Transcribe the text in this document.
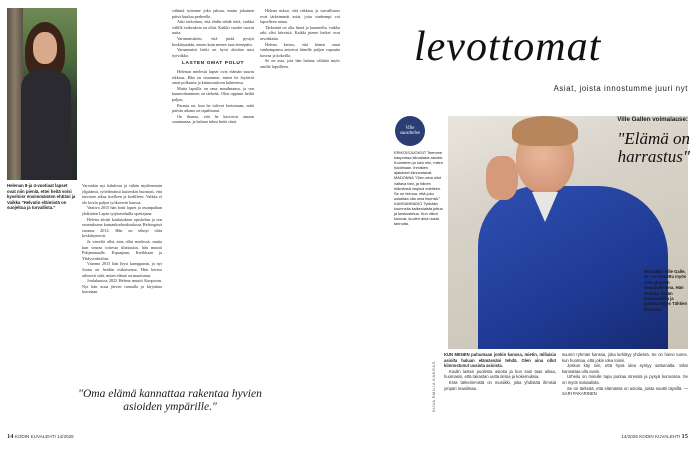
Helenan 8-ja 4-vuotiaat lapset ovat niin pieniä, ettei heitä voisi kyselnisr ensimmäisten ehtiäni ja Vaikka "Helvatin eläimistä on suojeltua ja turvallista."

Varsinkin nyt kahdessa ja vähän myöhemmin ylipäänsä, työelämässä kuitenkin huomasi, että tarvitsee aikaa itselleen ja kodilleen. Vaikka ei ole kovin paljon työkaverin kanssa.

Vaativa 2015 hän hoiti lapset ja asuinpaikan yhdistäen Lapin syrjäseuduilla opettajana.

Helena aloitti koulutuksen opiskelun ja sen seurauksena kansankorkeakoulussa Helsingissä vuonna 2012. Hän on tehnyt töitä keskittyneesti.

Ja viereltä ollut aina ollut mielessä, mutta kun seuraa toisesta tilaisuutta, hän muutti Pohjanmaalle, Espanjaan, Kreikkaan ja Yhdysvaltoihin.

Vuonna 2015 hän löysi kumppanin, ja nyt Joona on heidän esikoisensa. Hän kertoo arkisesti siitä, miten elämä on muuttunut.

Joulukuussa 2022 Helena muutti Kuopioon. Nyt hän asuu järven rannalla ja kirjoittaa kotonaan.

vähintä työmme joka jaksaa, mutta jokainen päivä kuuluu perheelle.

Arki tarkoittaa, että ehdin tehdä töitä, vaikka välillä vaikeuksia on ollut. Kaikki vuodet tuovat uutta.

Varamuistitein, että pitää pystyä keskittymään, ennen kuin menee taas eteenpäin.

Varaamuisti hetki on hyvä aloittaa uusi työviikko.

LASTEN OMAT POLUT

Helenan mielestä lapset ovat elämän suurin rikkaus. Hän on seurannut, miten he löytävät omat polkunsa ja kiinnostuksen kohteensa.

Mutta lapsilla on oma maailmansa, ja sen kunnioittaminen on tärkeää. Olen oppinut heiltä paljon.

Parasta on, kun he tulevat kertomaan, mitä päivän aikana on tapahtunut.

On ihanaa, että he kasvavat omaan suuntaansa, ja haluan tukea heitä siinä.

Helena uskoo, että rakkaus ja turvallisuus ovat tärkeimmät asiat, joita vanhempi voi lapselleen antaa.

Tärkeintä on olla läsnä ja kuunnella, vaikka arki olisi kiireistä. Kaikki pienet hetket ovat arvokkaita.

Helena kertoo, että hänen omat vanhempansa antoivat hänelle paljon vapautta kasvaa ja kokeilla.

Se on asia, jota hän haluaa välittää myös omille lapsilleen.

"Oma elämä kannattaa rakentaa hyvien asioiden ympärille."
14 KODIN KUVALEHTI 14/2025
levottomat
Asiat, joista innostumme juuri nyt
Ville suosittelee
ERIKOISJUOKSIT Teemme kaupoissa kiinalaisia asioita. Kuuntelen ja luen niin, miten hoidetaan. Ihmisten ajatukset kiinnostavat. MADONNA "Olen aina ollut valtava fani, ja hänen elämänsä inspiroi edelleen. Se on hienoa, että joku uskaltaa olla oma itsensä." KANSANRADIO Tykkään kuunnella kaikenlaista juttua ja keskustelua. Kun viikot kuluvat, kuulen aina uusia tarinoita.
Ville Gallen voimalause:
"Elämä on harrastus"
Muusikko Ville Galle, 37, on tunnettu myös JVG-yhtyeen keulahahmona. Hän esiintyy kesän festivaaleilla ja juontaa myös Tähtien kisoissa.
KUVA EMILIA KANGAS

KUN MENEN puhumaan jonkin kanssa, mietin, millaisia asioita haluan elämässäni tehdä. Olen aina ollut kiinnostunut uusista asioista.

Kuulin lasten puolesta asioita ja kun sain taas aikaa, huomasin, että rakastan uutta tietoa ja kokemuksia.

Eräs tärkeimmistä on musiikki, joka yhdistää ihmisiä ympäri maailmaa.

suuren ryhmän kanssa, joka kehittyy yhdessä. Se on hieno tunne, kun huomaa, että jokin idea toimii.

Joskus käy niin, että hyvä idea syntyy sattumalta. Siksi kannattaa olla avoin.

Urheilu on minulle tapa purkaa stressiä ja pysyä kunnossa. Se on myös sosiaalista.

Se on tärkeää, että elämässä on asioita, joista nauttii täysillä. — SARI PAKARINEN

14/2025 KODIN KUVALEHTI 15
